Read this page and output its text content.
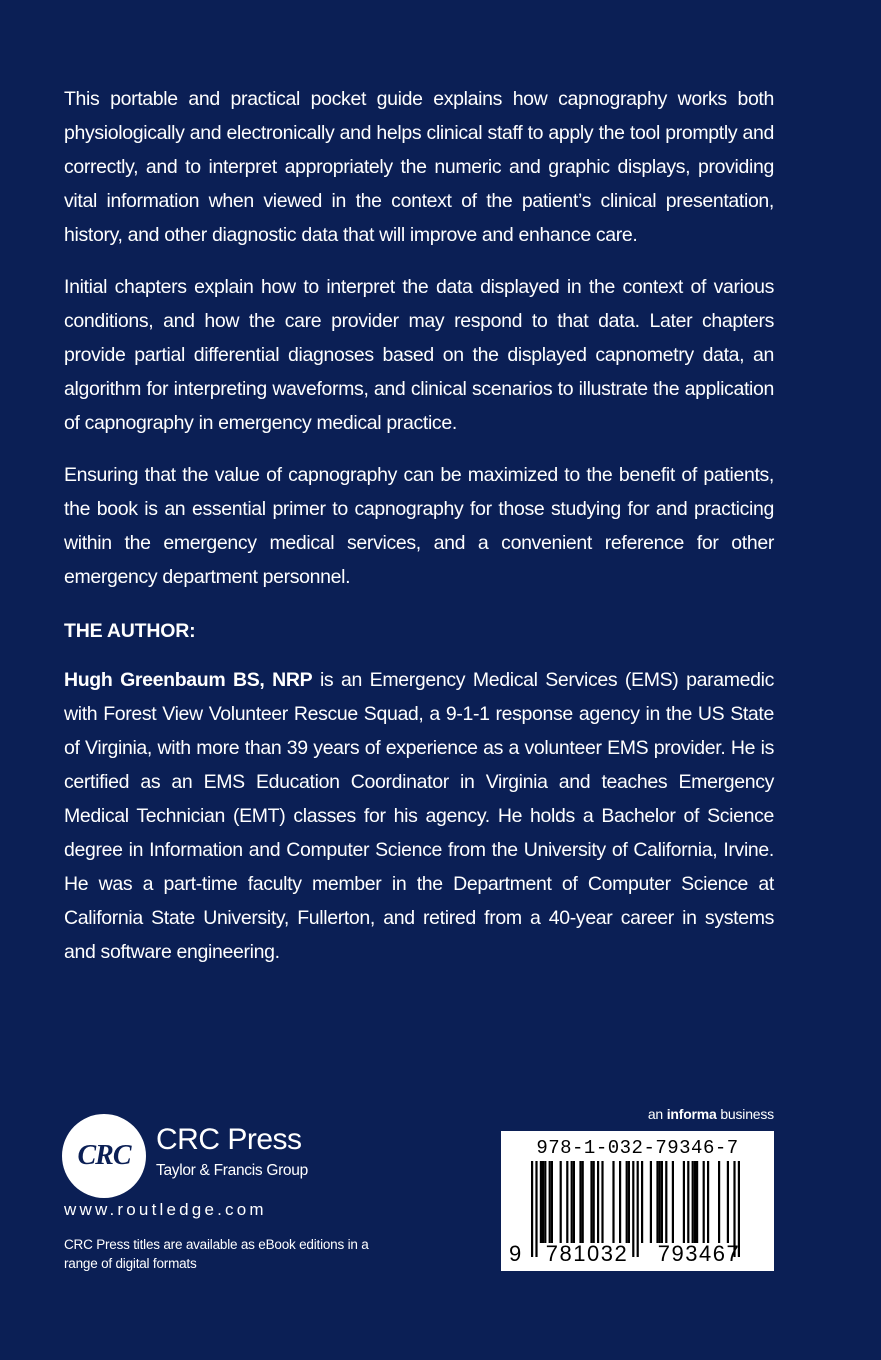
This portable and practical pocket guide explains how capnography works both physiologically and electronically and helps clinical staff to apply the tool promptly and correctly, and to interpret appropriately the numeric and graphic displays, providing vital information when viewed in the context of the patient’s clinical presentation, history, and other diagnostic data that will improve and enhance care.

Initial chapters explain how to interpret the data displayed in the context of various conditions, and how the care provider may respond to that data. Later chapters provide partial differential diagnoses based on the displayed capnometry data, an algorithm for interpreting waveforms, and clinical scenarios to illustrate the application of capnography in emergency medical practice.

Ensuring that the value of capnography can be maximized to the benefit of patients, the book is an essential primer to capnography for those studying for and practicing within the emergency medical services, and a convenient reference for other emergency department personnel.

THE AUTHOR:

Hugh Greenbaum BS, NRP is an Emergency Medical Services (EMS) paramedic with Forest View Volunteer Rescue Squad, a 9-1-1 response agency in the US State of Virginia, with more than 39 years of experience as a volunteer EMS provider. He is certified as an EMS Education Coordinator in Virginia and teaches Emergency Medical Technician (EMT) classes for his agency. He holds a Bachelor of Science degree in Information and Computer Science from the University of California, Irvine. He was a part-time faculty member in the Department of Computer Science at California State University, Fullerton, and retired from a 40-year career in systems and software engineering.

CRC CRC Press
Taylor & Francis Group
www.routledge.com
CRC Press titles are available as eBook editions in a range of digital formats
an informa business
978-1-032-79346-7
9	781032	793467
